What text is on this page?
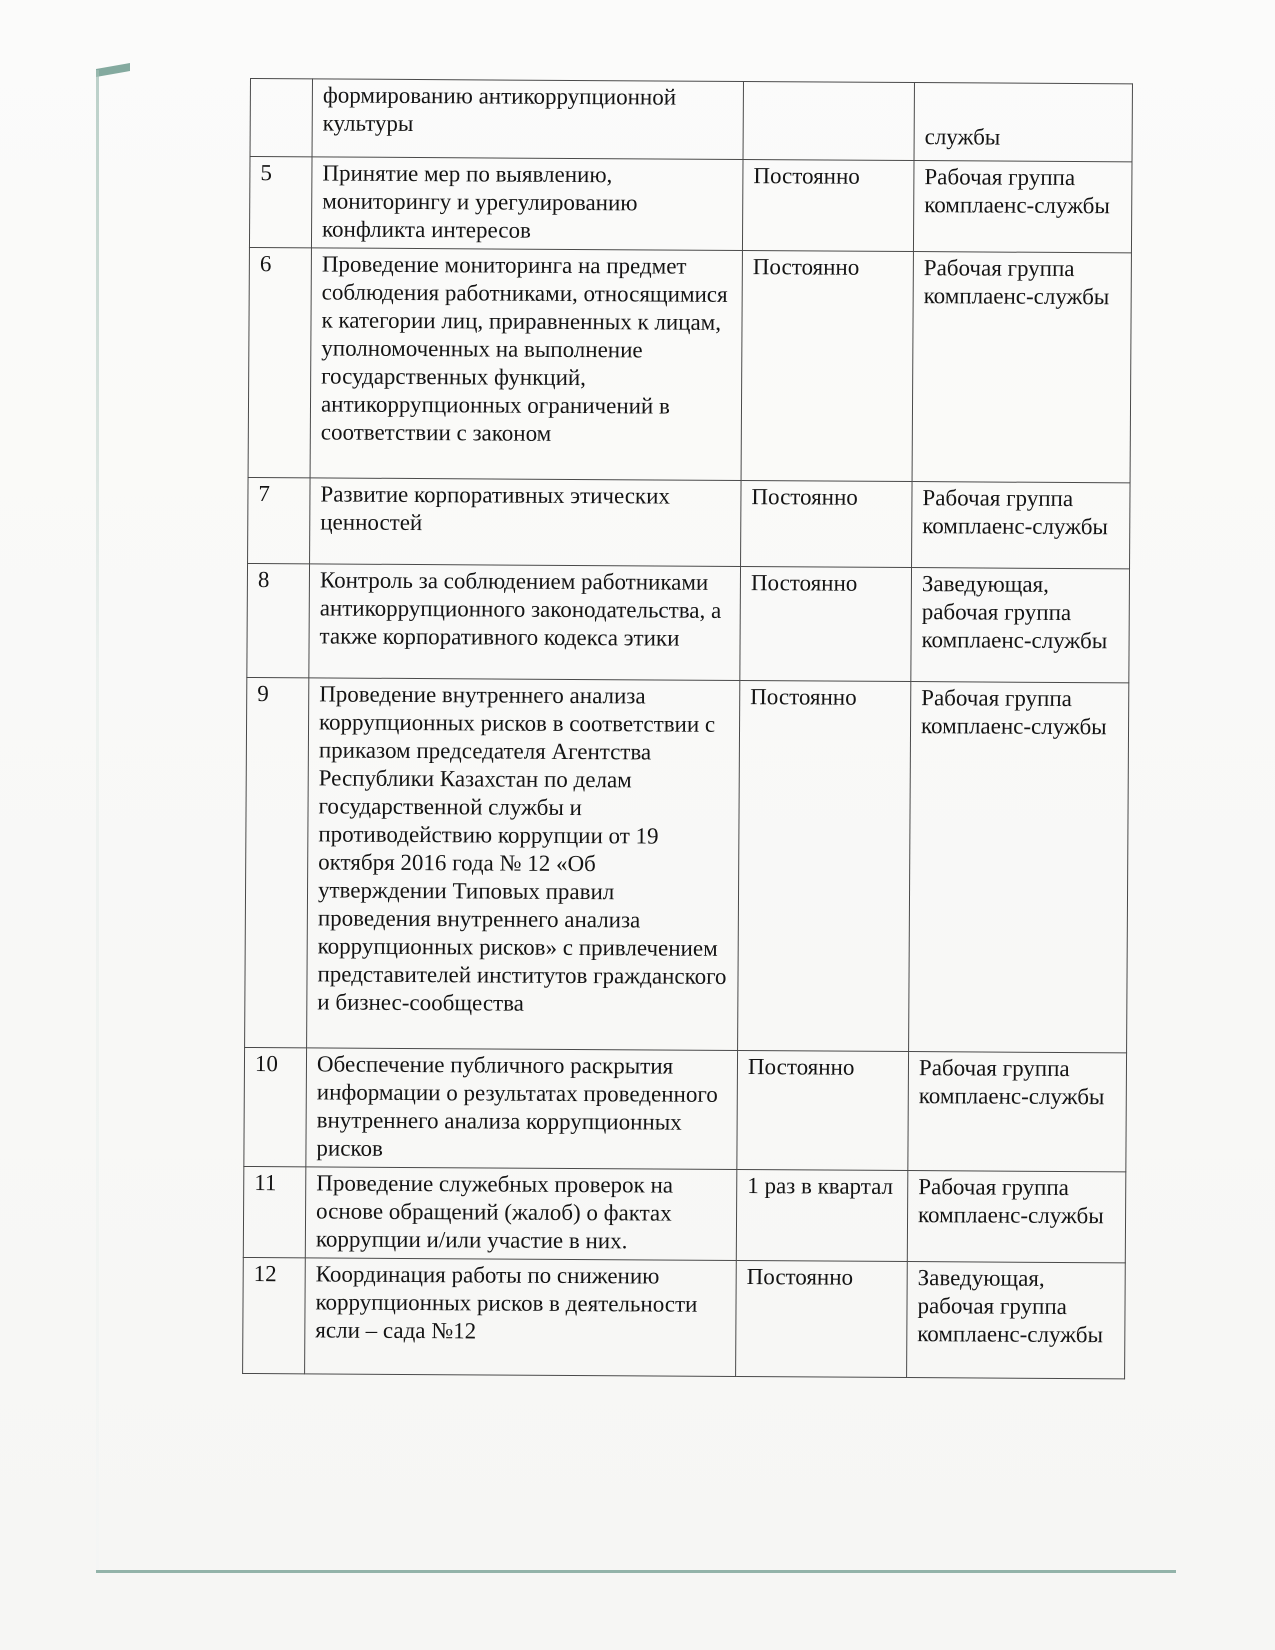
	формированию антикоррупционной культуры		службы
5	Принятие мер по выявлению, мониторингу и урегулированию конфликта интересов	Постоянно	Рабочая группа комплаенс-службы
6	Проведение мониторинга на предмет соблюдения работниками, относящимися к категории лиц, приравненных к лицам, уполномоченных на выполнение государственных функций, антикоррупционных ограничений в соответствии с законом	Постоянно	Рабочая группа комплаенс-службы
7	Развитие корпоративных этических ценностей	Постоянно	Рабочая группа комплаенс-службы
8	Контроль за соблюдением работниками антикоррупционного законодательства, а также корпоративного кодекса этики	Постоянно	Заведующая, рабочая группа комплаенс-службы
9	Проведение внутреннего анализа коррупционных рисков в соответствии с приказом председателя Агентства Республики Казахстан по делам государственной службы и противодействию коррупции от 19 октября 2016 года № 12 «Об утверждении Типовых правил проведения внутреннего анализа коррупционных рисков» с привлечением представителей институтов гражданского и бизнес-сообщества	Постоянно	Рабочая группа комплаенс-службы
10	Обеспечение публичного раскрытия информации о результатах проведенного внутреннего анализа коррупционных рисков	Постоянно	Рабочая группа комплаенс-службы
11	Проведение служебных проверок на основе обращений (жалоб) о фактах коррупции и/или участие в них.	1 раз в квартал	Рабочая группа комплаенс-службы
12	Координация работы по снижению коррупционных рисков в деятельности ясли – сада №12	Постоянно	Заведующая, рабочая группа комплаенс-службы
